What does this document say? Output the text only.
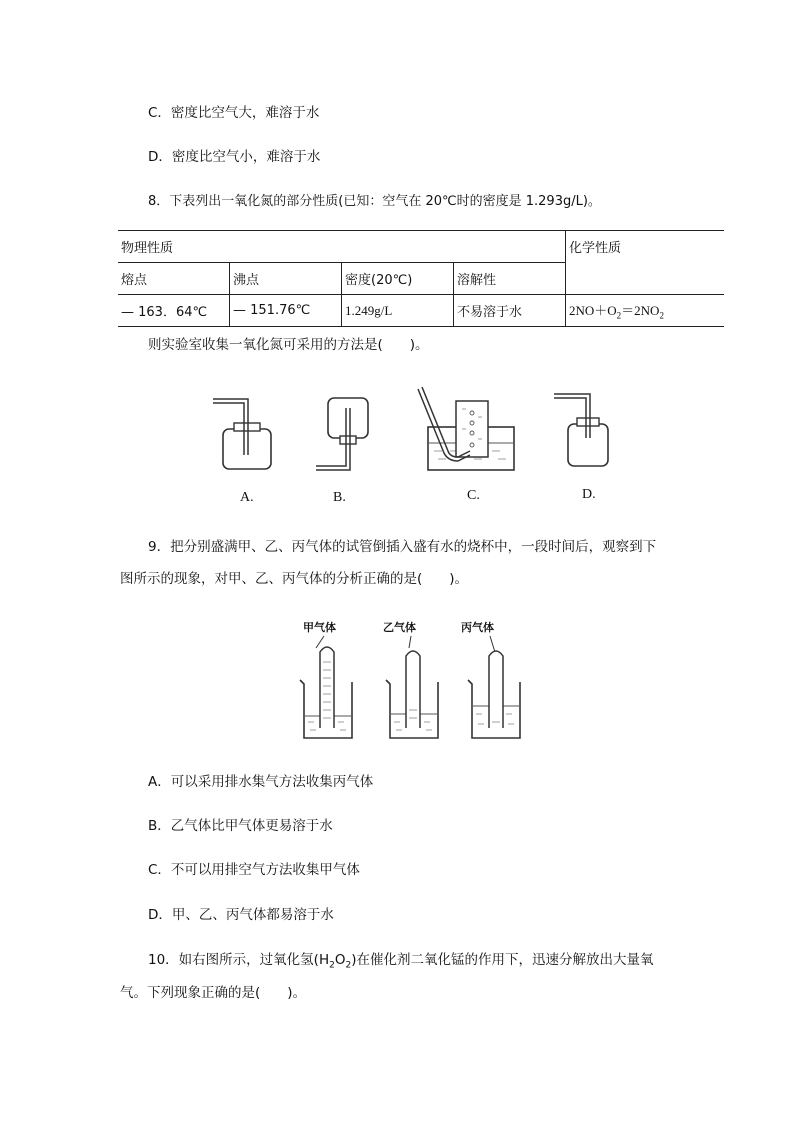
C．密度比空气大，难溶于水
D．密度比空气小，难溶于水
8．下表列出一氧化氮的部分性质(已知：空气在 20℃时的密度是 1.293g/L)。
物理性质				化学性质
熔点	沸点	密度(20℃)	溶解性	
— 163．64℃	— 151.76℃	1.249g/L	不易溶于水	$2NO+O_2=2NO_2$
则实验室收集一氧化氮可采用的方法是(　　)。
A.	B.	C.	D.
9．把分别盛满甲、乙、丙气体的试管倒插入盛有水的烧杯中，一段时间后，观察到下
图所示的现象，对甲、乙、丙气体的分析正确的是(　　)。
甲气体	乙气体	丙气体
A．可以采用排水集气方法收集丙气体
B．乙气体比甲气体更易溶于水
C．不可以用排空气方法收集甲气体
D．甲、乙、丙气体都易溶于水
10．如右图所示，过氧化氢$(H_2O_2)$在催化剂二氧化锰的作用下，迅速分解放出大量氧
气。下列现象正确的是(　　)。
